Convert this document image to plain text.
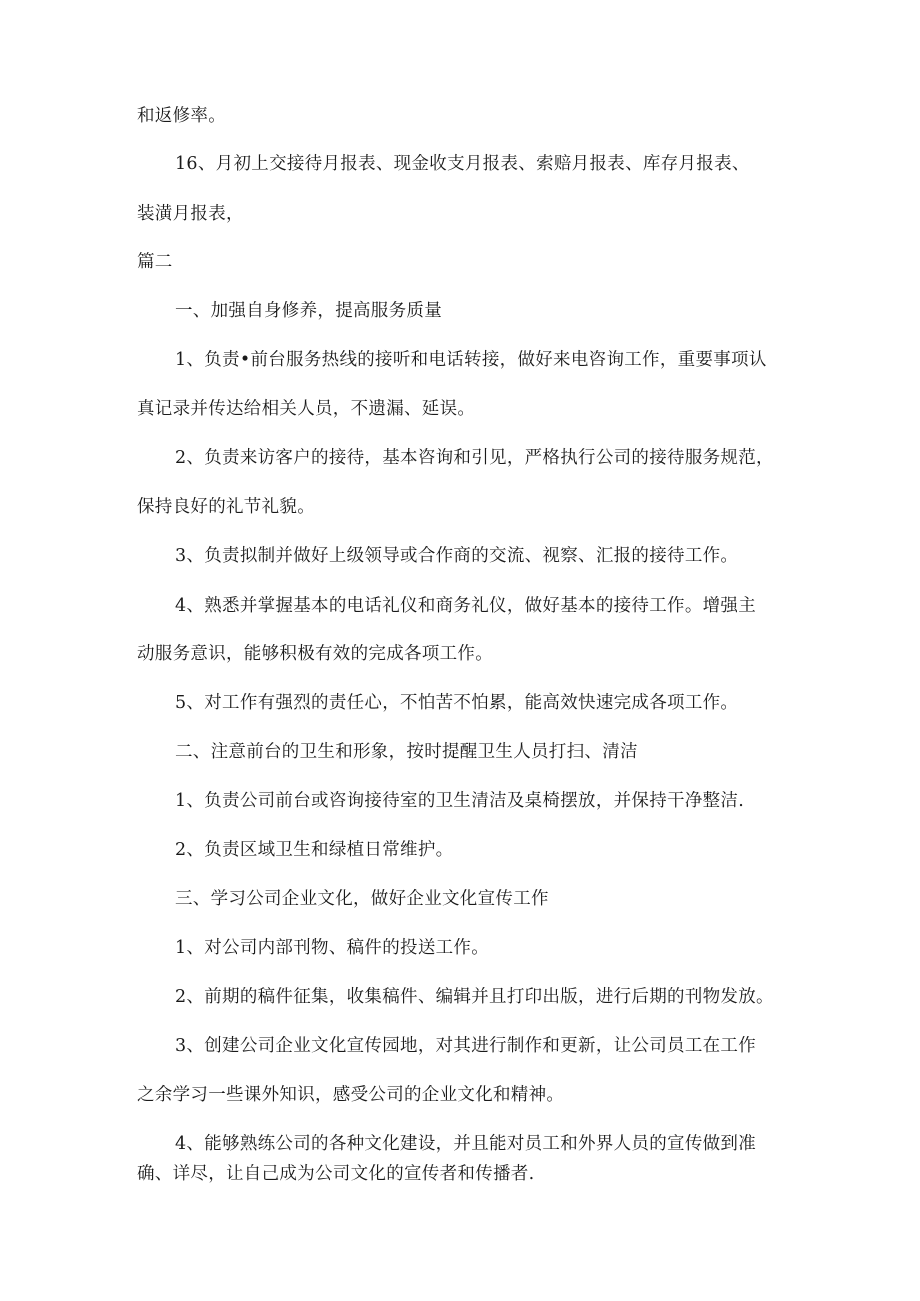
和返修率。
16、月初上交接待月报表、现金收支月报表、索赔月报表、库存月报表、
装潢月报表，
篇二
一、加强自身修养，提高服务质量
1、负责•前台服务热线的接听和电话转接，做好来电咨询工作，重要事项认
真记录并传达给相关人员，不遗漏、延误。
2、负责来访客户的接待，基本咨询和引见，严格执行公司的接待服务规范，
保持良好的礼节礼貌。
3、负责拟制并做好上级领导或合作商的交流、视察、汇报的接待工作。
4、熟悉并掌握基本的电话礼仪和商务礼仪，做好基本的接待工作。增强主
动服务意识，能够积极有效的完成各项工作。
5、对工作有强烈的责任心，不怕苦不怕累，能高效快速完成各项工作。
二、注意前台的卫生和形象，按时提醒卫生人员打扫、清洁
1、负责公司前台或咨询接待室的卫生清洁及桌椅摆放，并保持干净整洁.
2、负责区域卫生和绿植日常维护。
三、学习公司企业文化，做好企业文化宣传工作
1、对公司内部刊物、稿件的投送工作。
2、前期的稿件征集，收集稿件、编辑并且打印出版，进行后期的刊物发放。
3、创建公司企业文化宣传园地，对其进行制作和更新，让公司员工在工作
之余学习一些课外知识，感受公司的企业文化和精神。
4、能够熟练公司的各种文化建设，并且能对员工和外界人员的宣传做到准
确、详尽，让自己成为公司文化的宣传者和传播者.
